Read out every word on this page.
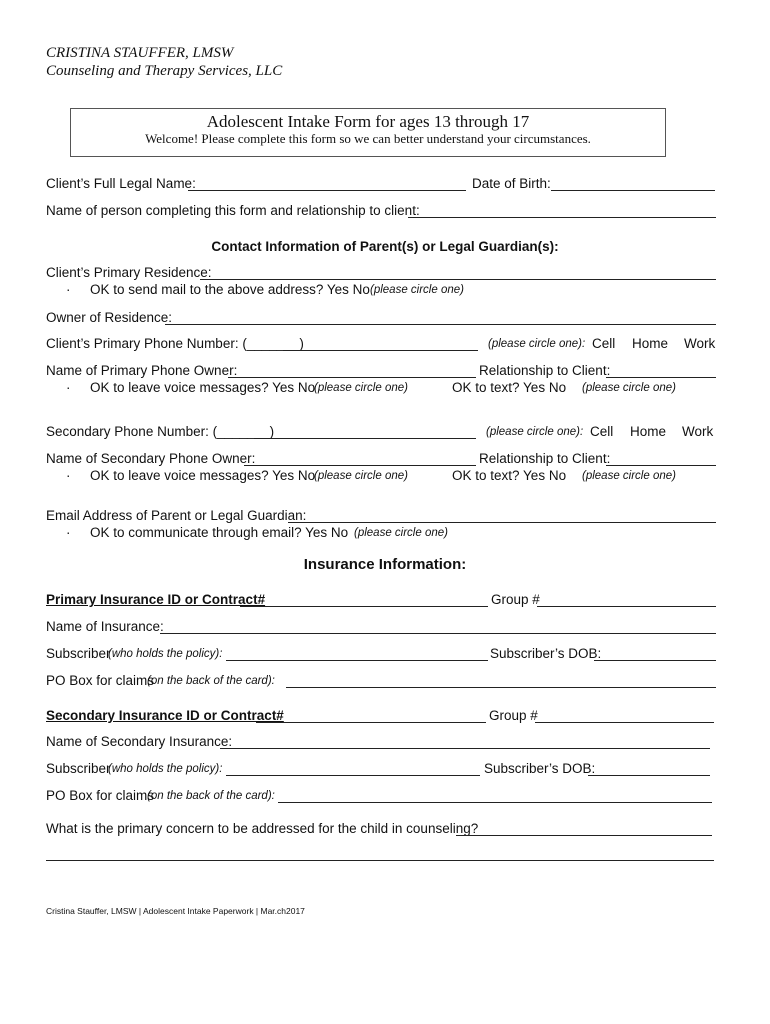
CRISTINA STAUFFER, LMSW
Counseling and Therapy Services, LLC
Adolescent Intake Form for ages 13 through 17
Welcome! Please complete this form so we can better understand your circumstances.
Client’s Full Legal Name:	Date of Birth:
Name of person completing this form and relationship to client:
Contact Information of Parent(s) or Legal Guardian(s):
Client’s Primary Residence:
· OK to send mail to the above address? Yes No (please circle one)
Owner of Residence:
Client’s Primary Phone Number: (_______)	(please circle one): Cell Home Work
Name of Primary Phone Owner:	Relationship to Client:
· OK to leave voice messages? Yes No
(please circle one)	OK to text? Yes No (please circle one)
Secondary Phone Number: (_______)	(please circle one): Cell Home Work
Name of Secondary Phone Owner:	Relationship to Client:
· OK to leave voice messages? Yes No
(please circle one)	OK to text? Yes No (please circle one)
Email Address of Parent or Legal Guardian:
· OK to communicate through email? Yes No (please circle one)
Insurance Information:
Primary Insurance ID or Contract#	Group #
Name of Insurance:
Subscriber
(who holds the policy):	Subscriber’s DOB:
PO Box for claims
(on the back of the card):
Secondary Insurance ID or Contract#	Group #
Name of Secondary Insurance:
Subscriber
(who holds the policy):	Subscriber’s DOB:
PO Box for claims
(on the back of the card):
What is the primary concern to be addressed for the child in counseling?
Cristina Stauffer, LMSW | Adolescent Intake Paperwork | Mar.ch2017
